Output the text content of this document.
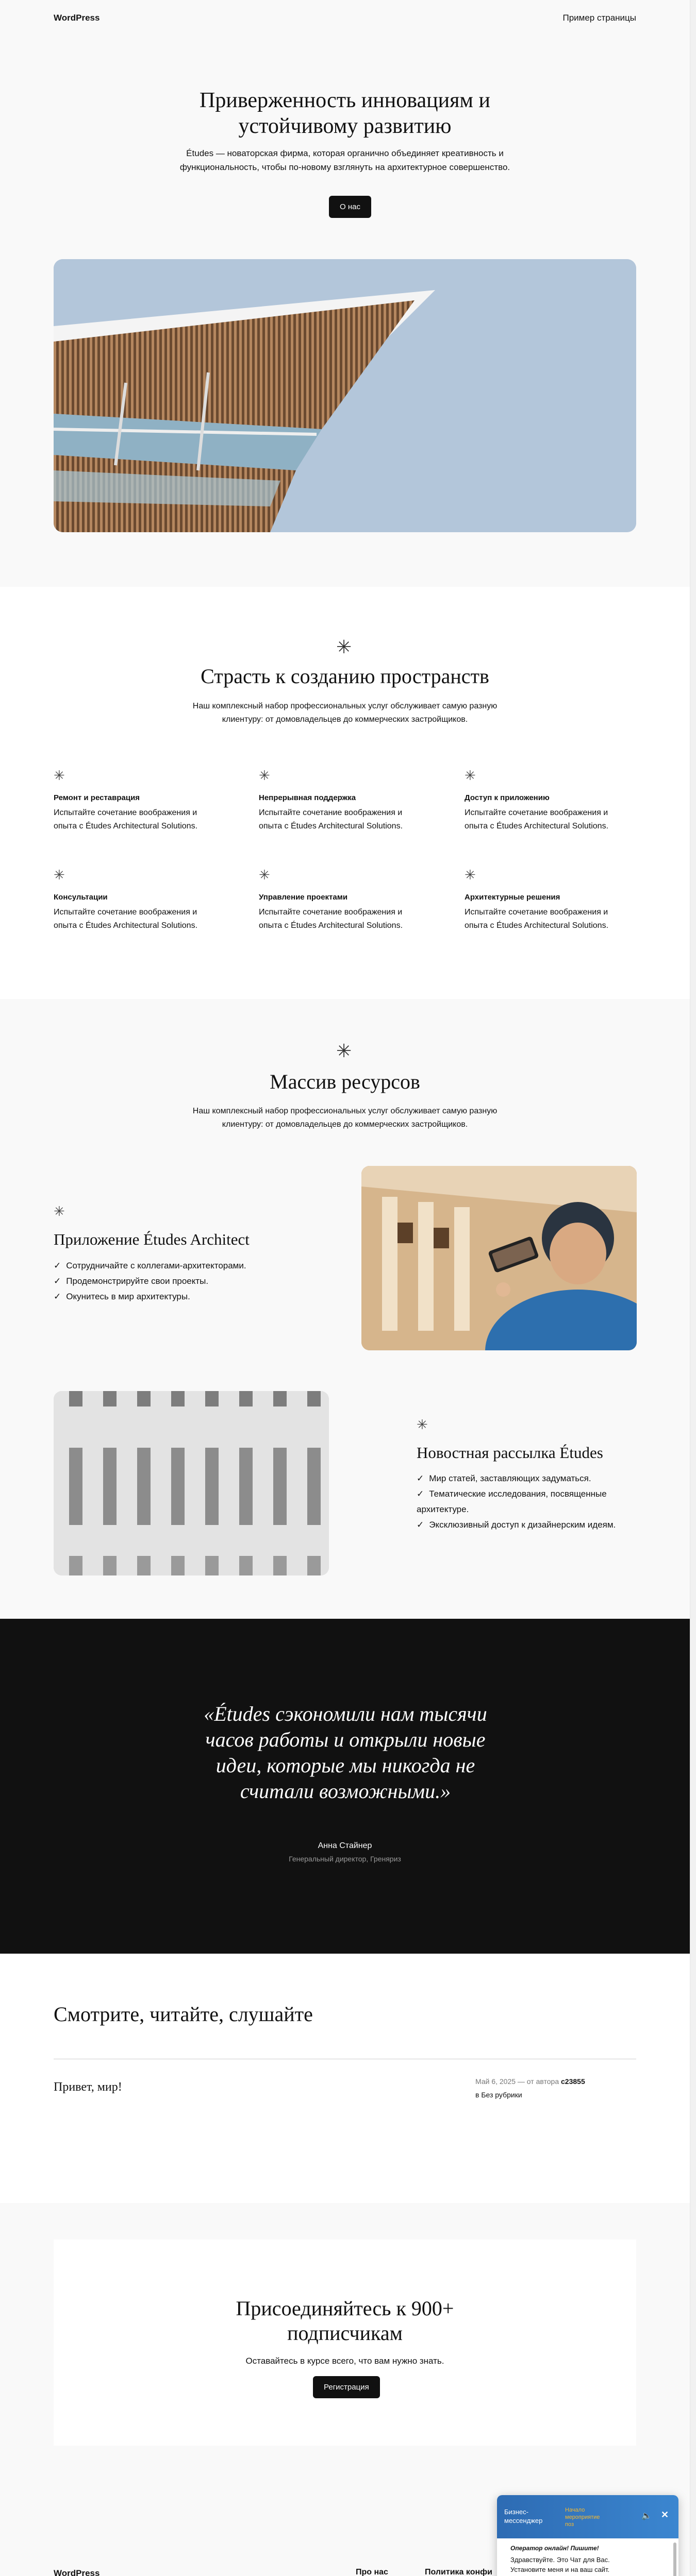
WordPress	Пример страницы
Приверженность инновациям и
устойчивому развитию

Études — новаторская фирма, которая органично объединяет креативность и функциональность, чтобы по-новому взглянуть на архитектурное совершенство.

О нас
✳
Страсть к созданию пространств

Наш комплексный набор профессиональных услуг обслуживает самую разную клиентуру: от домовладельцев до коммерческих застройщиков.

✳
Ремонт и реставрация
Испытайте сочетание воображения и опыта с Études Architectural Solutions.
✳
Непрерывная поддержка
Испытайте сочетание воображения и опыта с Études Architectural Solutions.
✳
Доступ к приложению
Испытайте сочетание воображения и опыта с Études Architectural Solutions.
✳
Консультации
Испытайте сочетание воображения и опыта с Études Architectural Solutions.
✳
Управление проектами
Испытайте сочетание воображения и опыта с Études Architectural Solutions.
✳
Архитектурные решения
Испытайте сочетание воображения и опыта с Études Architectural Solutions.
✳
Массив ресурсов

Наш комплексный набор профессиональных услуг обслуживает самую разную клиентуру: от домовладельцев до коммерческих застройщиков.

✳
Приложение Études Architect
✓ Сотрудничайте с коллегами-архитекторами.
✓ Продемонстрируйте свои проекты.
✓ Окунитесь в мир архитектуры.
✳
Новостная рассылка Études
✓ Мир статей, заставляющих задуматься.
✓ Тематические исследования, посвященные архитектуре.
✓ Эксклюзивный доступ к дизайнерским идеям.

«Études сэкономили нам тысячи часов работы и открыли новые идеи, которые мы никогда не считали возможными.»

Анна Стайнер
Генеральный директор, Греняриз
Смотрите, читайте, слушайте
Привет, мир!	Май 6, 2025 — от автора c23855
в Без рубрики
Присоединяйтесь к 900+
подписчикам

Оставайтесь в курсе всего, что вам нужно знать.

Регистрация
WordPress	Про нас	Политика конфи
Бизнес-мессенджер
Начало мероприятие поз
🔈 ✕
Оператор онлайн! Пишите!
Здравствуйте. Это Чат для Вас. Установите меня и на ваш сайт.
